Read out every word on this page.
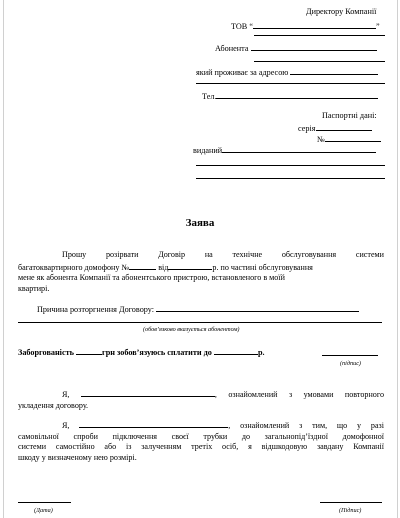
Директору Компанії
ТОВ “	”
Абонента
який проживає за адресою
Тел.
Паспортні дані:
серія
№
виданий
Заява
Прошу розірвати Договір на технічне обслуговування системи
багатоквартирного домофону №	від	р. по частині обслуговування
мене як абонента Компанії та абонентського пристрою, встановленого в моїй
квартирі.
Причина розторгнення Договору:
(обов’язково вказується абонентом)
Заборгованість	грн зобов’язуюсь сплатити до	р.
(підпис)
Я,	, ознайомлений з умовами повторного
укладення договору.
Я,	, ознайомлений з тим, що у разі
самовільної спроби підключення своєї трубки до загальнопід’їздної домофонної
системи самостійно або із залученням третіх осіб, я відшкодовую завдану Компанії
шкоду у визначеному нею розмірі.
(Дата)	(Підпис)
